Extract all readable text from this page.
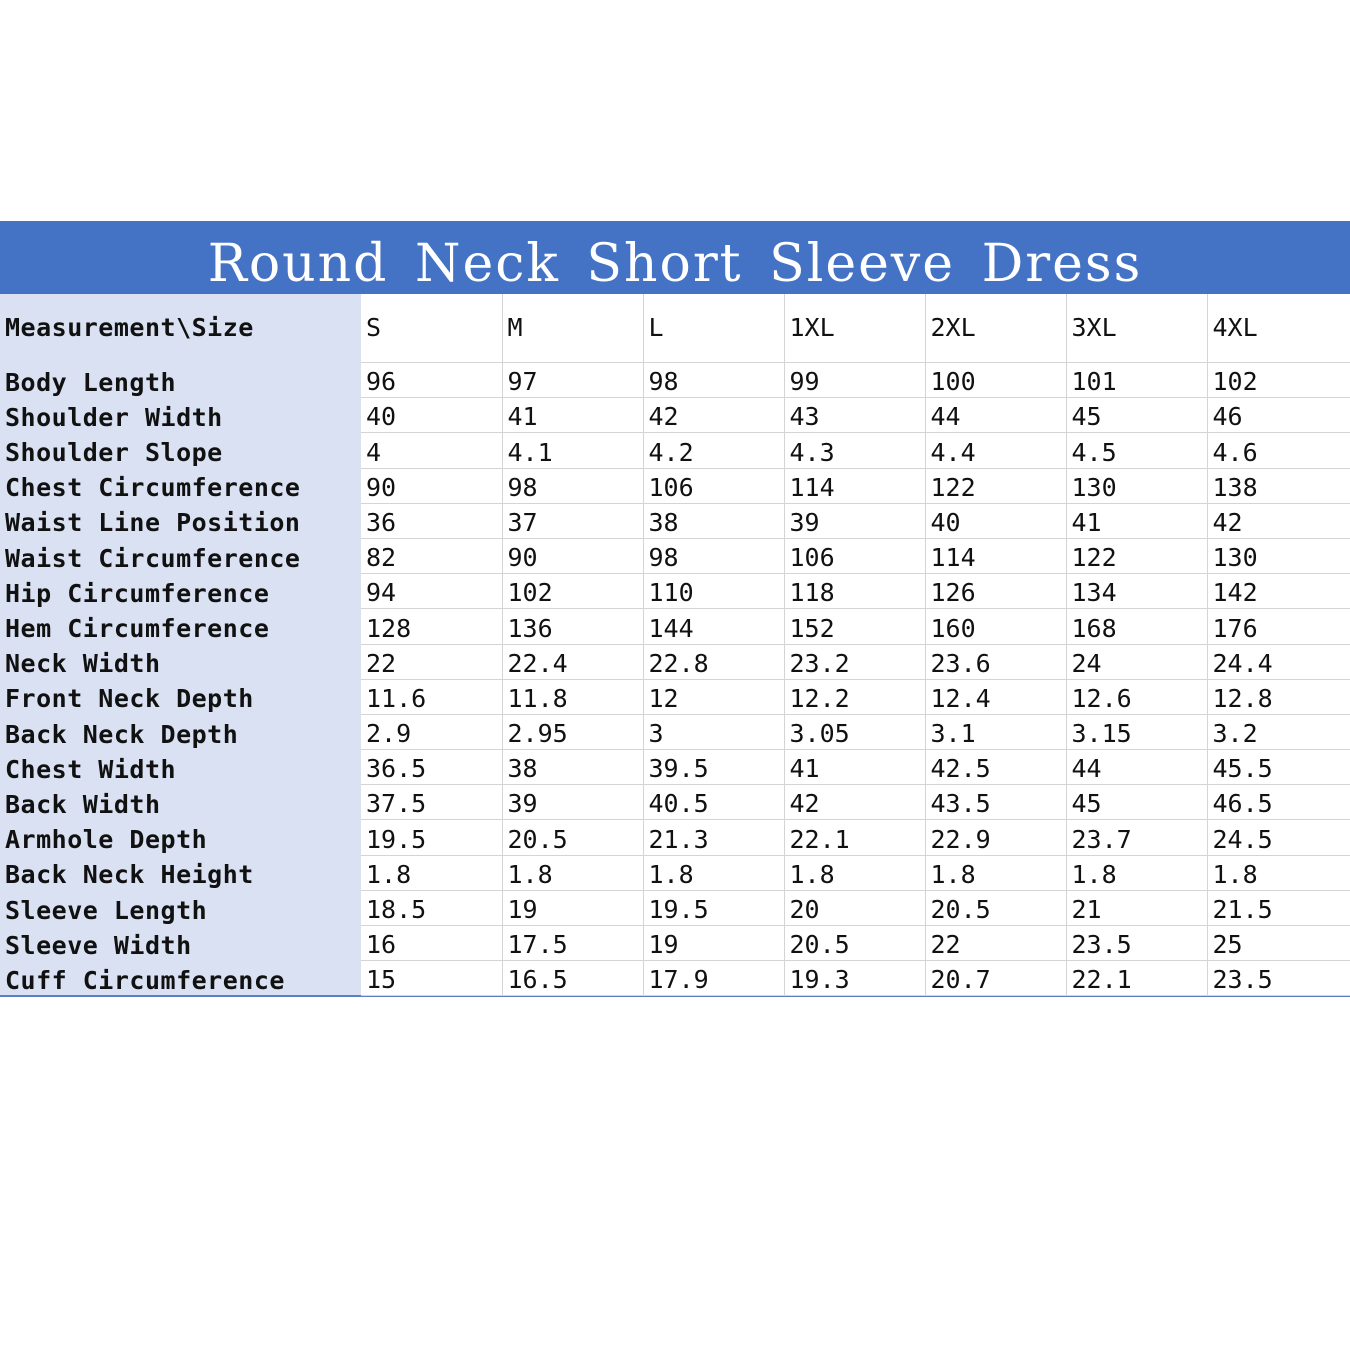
Round Neck Short Sleeve Dress
Measurement\Size	S	M	L	1XL	2XL	3XL	4XL
Body Length	96	97	98	99	100	101	102
Shoulder Width	40	41	42	43	44	45	46
Shoulder Slope	4	4.1	4.2	4.3	4.4	4.5	4.6
Chest Circumference	90	98	106	114	122	130	138
Waist Line Position	36	37	38	39	40	41	42
Waist Circumference	82	90	98	106	114	122	130
Hip Circumference	94	102	110	118	126	134	142
Hem Circumference	128	136	144	152	160	168	176
Neck Width	22	22.4	22.8	23.2	23.6	24	24.4
Front Neck Depth	11.6	11.8	12	12.2	12.4	12.6	12.8
Back Neck Depth	2.9	2.95	3	3.05	3.1	3.15	3.2
Chest Width	36.5	38	39.5	41	42.5	44	45.5
Back Width	37.5	39	40.5	42	43.5	45	46.5
Armhole Depth	19.5	20.5	21.3	22.1	22.9	23.7	24.5
Back Neck Height	1.8	1.8	1.8	1.8	1.8	1.8	1.8
Sleeve Length	18.5	19	19.5	20	20.5	21	21.5
Sleeve Width	16	17.5	19	20.5	22	23.5	25
Cuff Circumference	15	16.5	17.9	19.3	20.7	22.1	23.5
